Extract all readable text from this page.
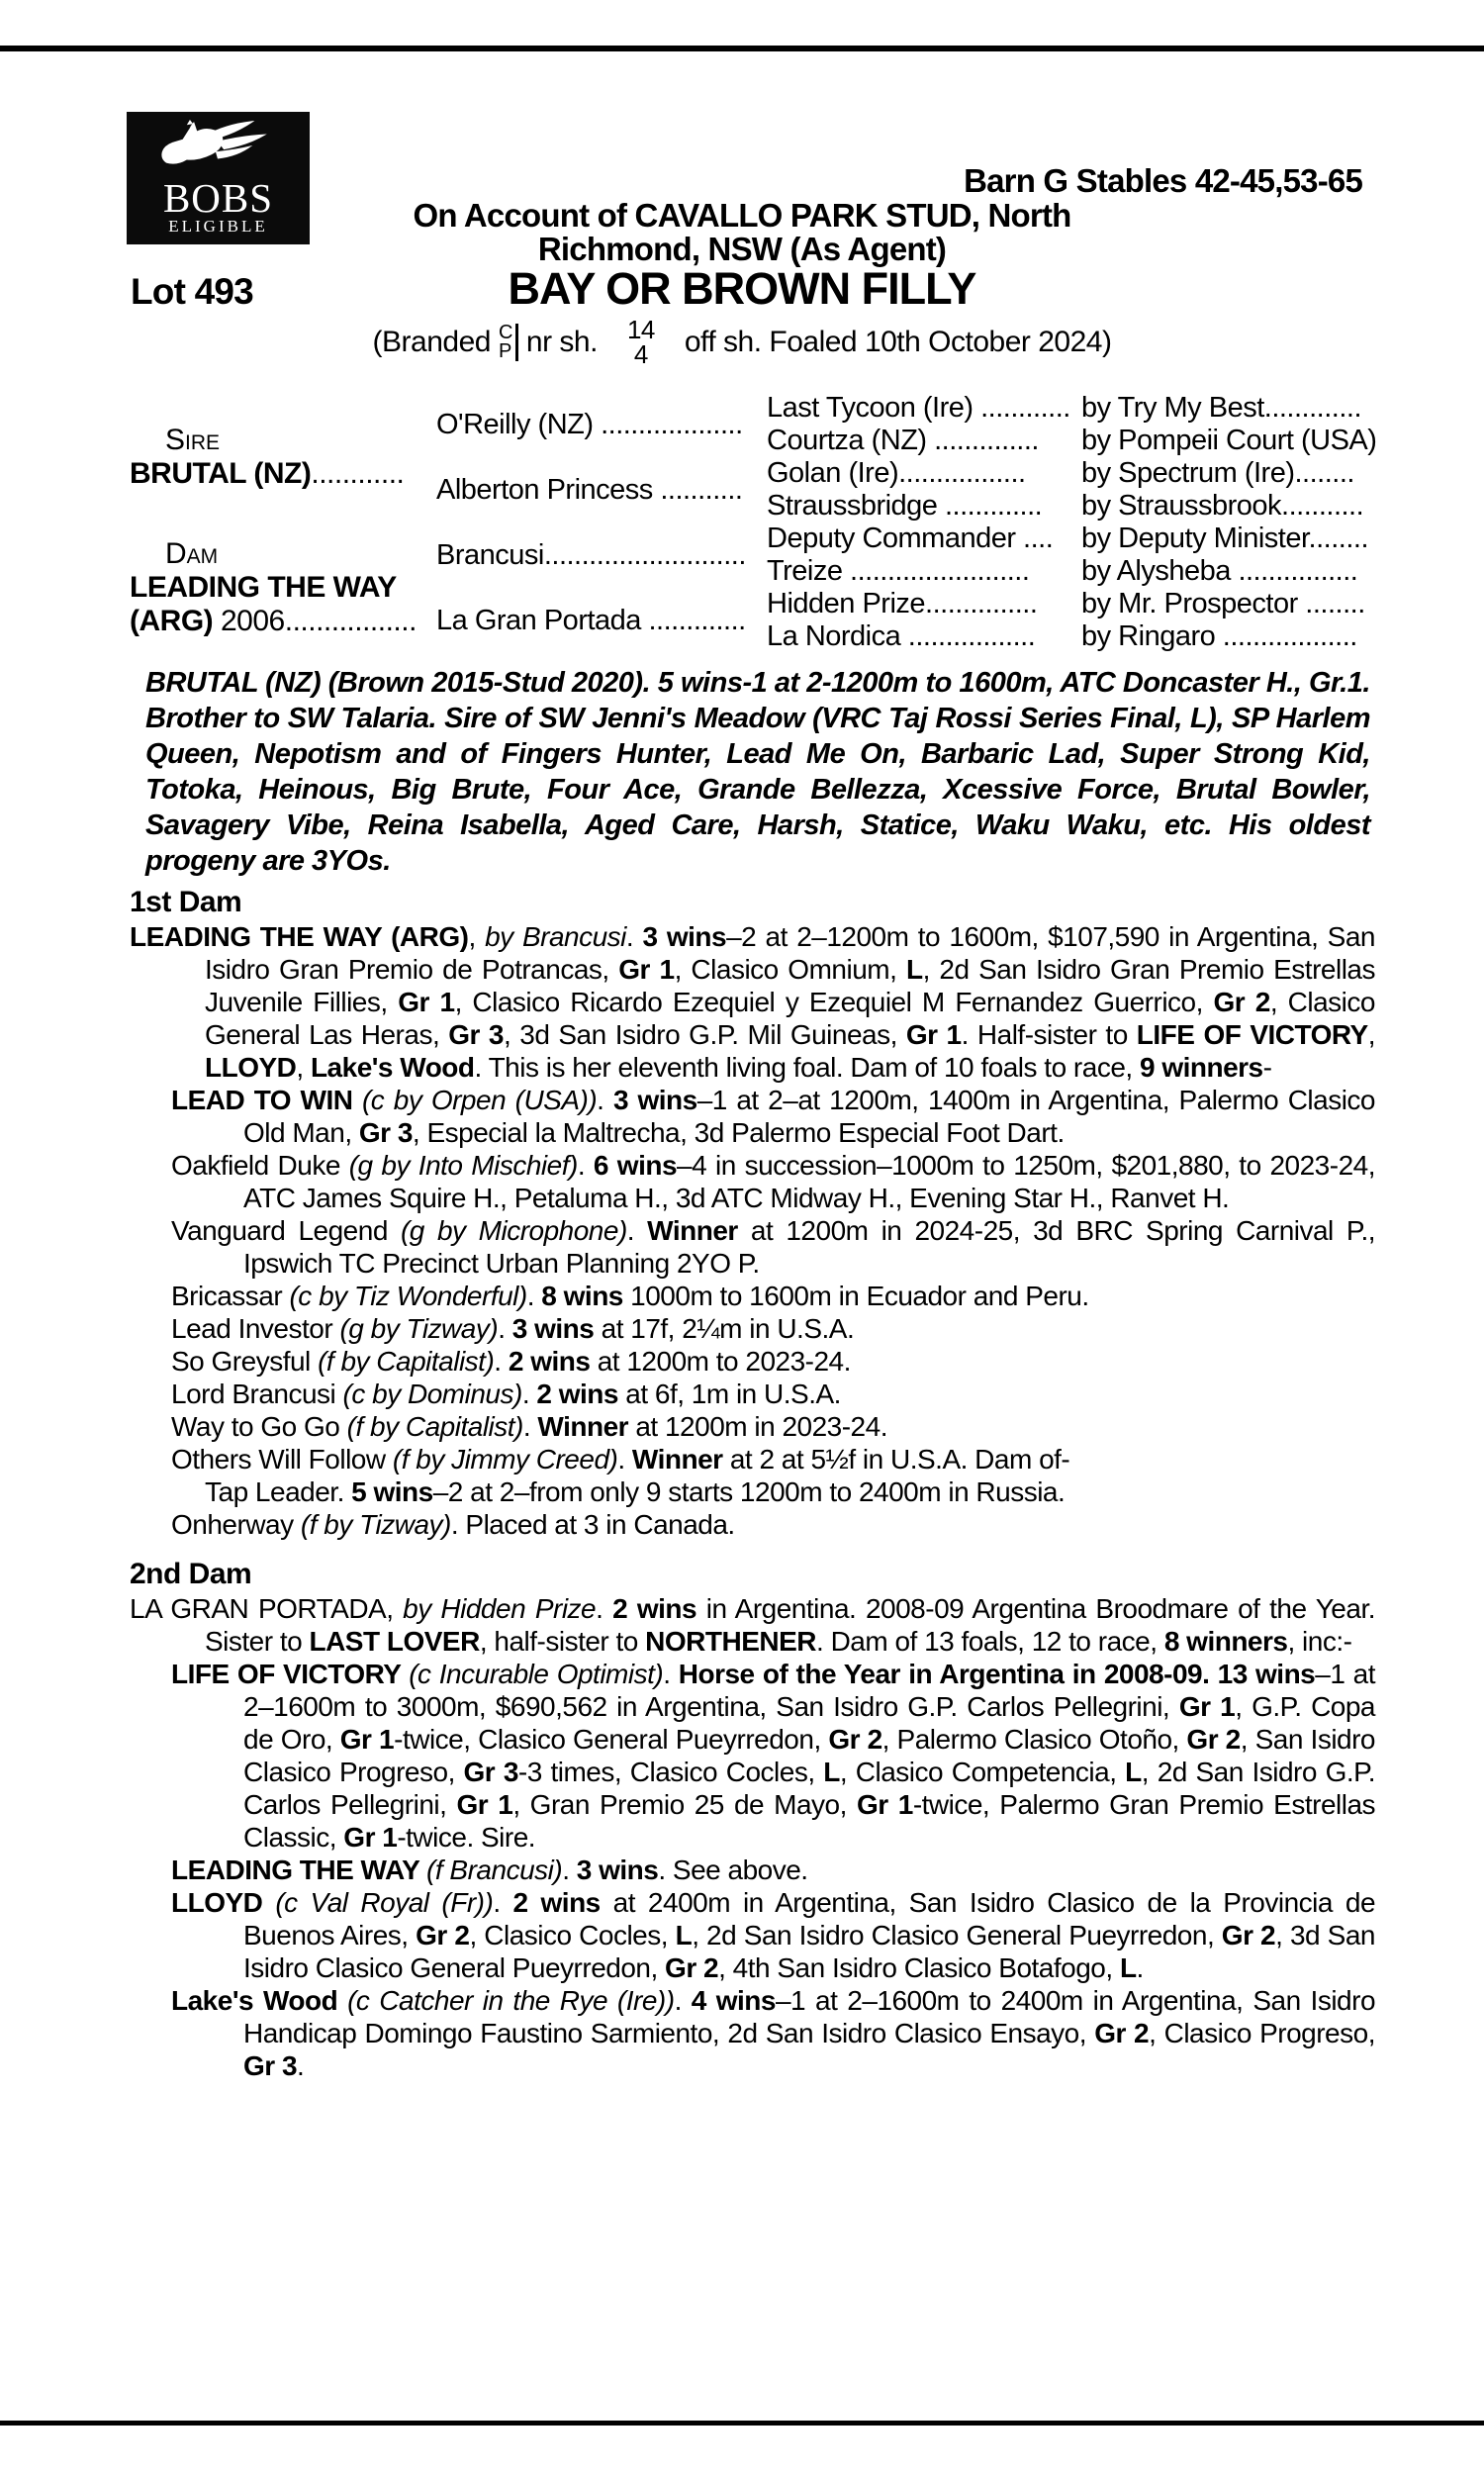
BOBS
ELIGIBLE
Barn G Stables 42-45,53-65
On Account of CAVALLO PARK STUD, North
Richmond, NSW (As Agent)
Lot 493	BAY OR BROWN FILLY
(Branded C
P nr sh. 14
4 off sh. Foaled 10th October 2024)
Sire
BRUTAL (NZ)............
Dam
LEADING THE WAY
(ARG) 2006.................
O'Reilly (NZ) ...................
Alberton Princess ...........
Brancusi...........................
La Gran Portada .............
Last Tycoon (Ire) ............
Courtza (NZ) ..............
Golan (Ire).................
Straussbridge .............
Deputy Commander ....
Treize ........................
Hidden Prize...............
La Nordica .................
by Try My Best.............
by Pompeii Court (USA)
by Spectrum (Ire)........
by Straussbrook...........
by Deputy Minister........
by Alysheba ................
by Mr. Prospector ........
by Ringaro ..................

BRUTAL (NZ) (Brown 2015-Stud 2020). 5 wins-1 at 2-1200m to 1600m, ATC Doncaster H., Gr.1. Brother to SW Talaria. Sire of SW Jenni's Meadow (VRC Taj Rossi Series Final, L), SP Harlem Queen, Nepotism and of Fingers Hunter, Lead Me On, Barbaric Lad, Super Strong Kid, Totoka, Heinous, Big Brute, Four Ace, Grande Bellezza, Xcessive Force, Brutal Bowler, Savagery Vibe, Reina Isabella, Aged Care, Harsh, Statice, Waku Waku, etc. His oldest progeny are 3YOs.

1st Dam

LEADING THE WAY (ARG), by Brancusi. 3 wins–2 at 2–1200m to 1600m, $107,590 in Argentina, San Isidro Gran Premio de Potrancas, Gr 1, Clasico Omnium, L, 2d San Isidro Gran Premio Estrellas Juvenile Fillies, Gr 1, Clasico Ricardo Ezequiel y Ezequiel M Fernandez Guerrico, Gr 2, Clasico General Las Heras, Gr 3, 3d San Isidro G.P. Mil Guineas, Gr 1. Half-sister to LIFE OF VICTORY, LLOYD, Lake's Wood. This is her eleventh living foal. Dam of 10 foals to race, 9 winners-

LEAD TO WIN (c by Orpen (USA)). 3 wins–1 at 2–at 1200m, 1400m in Argentina, Palermo Clasico Old Man, Gr 3, Especial la Maltrecha, 3d Palermo Especial Foot Dart.

Oakfield Duke (g by Into Mischief). 6 wins–4 in succession–1000m to 1250m, $201,880, to 2023-24, ATC James Squire H., Petaluma H., 3d ATC Midway H., Evening Star H., Ranvet H.

Vanguard Legend (g by Microphone). Winner at 1200m in 2024-25, 3d BRC Spring Carnival P., Ipswich TC Precinct Urban Planning 2YO P.

Bricassar (c by Tiz Wonderful). 8 wins 1000m to 1600m in Ecuador and Peru.

Lead Investor (g by Tizway). 3 wins at 17f, 2¼m in U.S.A.

So Greysful (f by Capitalist). 2 wins at 1200m to 2023-24.

Lord Brancusi (c by Dominus). 2 wins at 6f, 1m in U.S.A.

Way to Go Go (f by Capitalist). Winner at 1200m in 2023-24.

Others Will Follow (f by Jimmy Creed). Winner at 2 at 5½f in U.S.A. Dam of-

Tap Leader. 5 wins–2 at 2–from only 9 starts 1200m to 2400m in Russia.

Onherway (f by Tizway). Placed at 3 in Canada.

2nd Dam

LA GRAN PORTADA, by Hidden Prize. 2 wins in Argentina. 2008-09 Argentina Broodmare of the Year. Sister to LAST LOVER, half-sister to NORTHENER. Dam of 13 foals, 12 to race, 8 winners, inc:-

LIFE OF VICTORY (c Incurable Optimist). Horse of the Year in Argentina in 2008-09. 13 wins–1 at 2–1600m to 3000m, $690,562 in Argentina, San Isidro G.P. Carlos Pellegrini, Gr 1, G.P. Copa de Oro, Gr 1-twice, Clasico General Pueyrredon, Gr 2, Palermo Clasico Otoño, Gr 2, San Isidro Clasico Progreso, Gr 3-3 times, Clasico Cocles, L, Clasico Competencia, L, 2d San Isidro G.P. Carlos Pellegrini, Gr 1, Gran Premio 25 de Mayo, Gr 1-twice, Palermo Gran Premio Estrellas Classic, Gr 1-twice. Sire.

LEADING THE WAY (f Brancusi). 3 wins. See above.

LLOYD (c Val Royal (Fr)). 2 wins at 2400m in Argentina, San Isidro Clasico de la Provincia de Buenos Aires, Gr 2, Clasico Cocles, L, 2d San Isidro Clasico General Pueyrredon, Gr 2, 3d San Isidro Clasico General Pueyrredon, Gr 2, 4th San Isidro Clasico Botafogo, L.

Lake's Wood (c Catcher in the Rye (Ire)). 4 wins–1 at 2–1600m to 2400m in Argentina, San Isidro Handicap Domingo Faustino Sarmiento, 2d San Isidro Clasico Ensayo, Gr 2, Clasico Progreso, Gr 3.
